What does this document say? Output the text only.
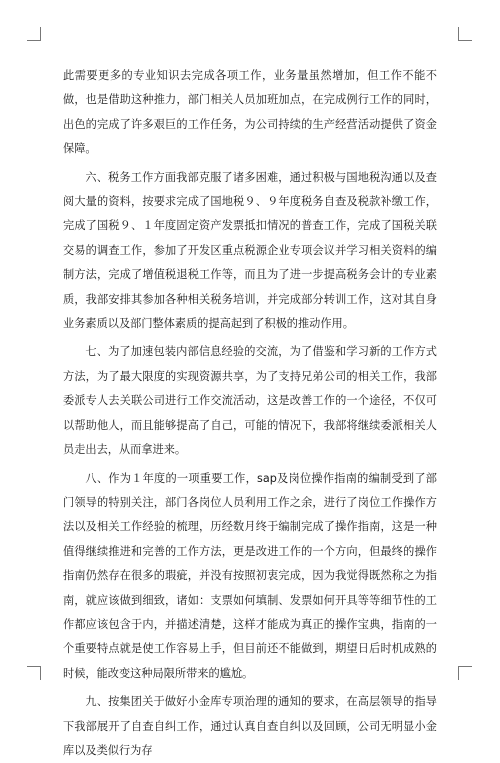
此需要更多的专业知识去完成各项工作，业务量虽然增加，但工作不能不做，也是借助这种推力，部门相关人员加班加点，在完成例行工作的同时，出色的完成了许多艰巨的工作任务，为公司持续的生产经营活动提供了资金保障。

六、税务工作方面我部克服了诸多困难，通过积极与国地税沟通以及查阅大量的资料，按要求完成了国地税９、９年度税务自查及税款补缴工作，完成了国税９、１年度固定资产发票抵扣情况的普查工作，完成了国税关联交易的调查工作，参加了开发区重点税源企业专项会议并学习相关资料的编制方法，完成了增值税退税工作等，而且为了进一步提高税务会计的专业素质，我部安排其参加各种相关税务培训，并完成部分转训工作，这对其自身业务素质以及部门整体素质的提高起到了积极的推动作用。

七、为了加速包装内部信息经验的交流，为了借鉴和学习新的工作方式方法，为了最大限度的实现资源共享，为了支持兄弟公司的相关工作，我部委派专人去关联公司进行工作交流活动，这是改善工作的一个途径，不仅可以帮助他人，而且能够提高了自己，可能的情况下，我部将继续委派相关人员走出去，从而拿进来。

八、作为１年度的一项重要工作，sap及岗位操作指南的编制受到了部门领导的特别关注，部门各岗位人员利用工作之余，进行了岗位工作操作方法以及相关工作经验的梳理，历经数月终于编制完成了操作指南，这是一种值得继续推进和完善的工作方法，更是改进工作的一个方向，但最终的操作指南仍然存在很多的瑕疵，并没有按照初衷完成，因为我觉得既然称之为指南，就应该做到细致，诸如：支票如何填制、发票如何开具等等细节性的工作都应该包含于内，并描述清楚，这样才能成为真正的操作宝典，指南的一个重要特点就是使工作容易上手，但目前还不能做到，期望日后时机成熟的时候，能改变这种局限所带来的尴尬。

九、按集团关于做好小金库专项治理的通知的要求，在高层领导的指导下我部展开了自查自纠工作，通过认真自查自纠以及回顾，公司无明显小金库以及类似行为存
